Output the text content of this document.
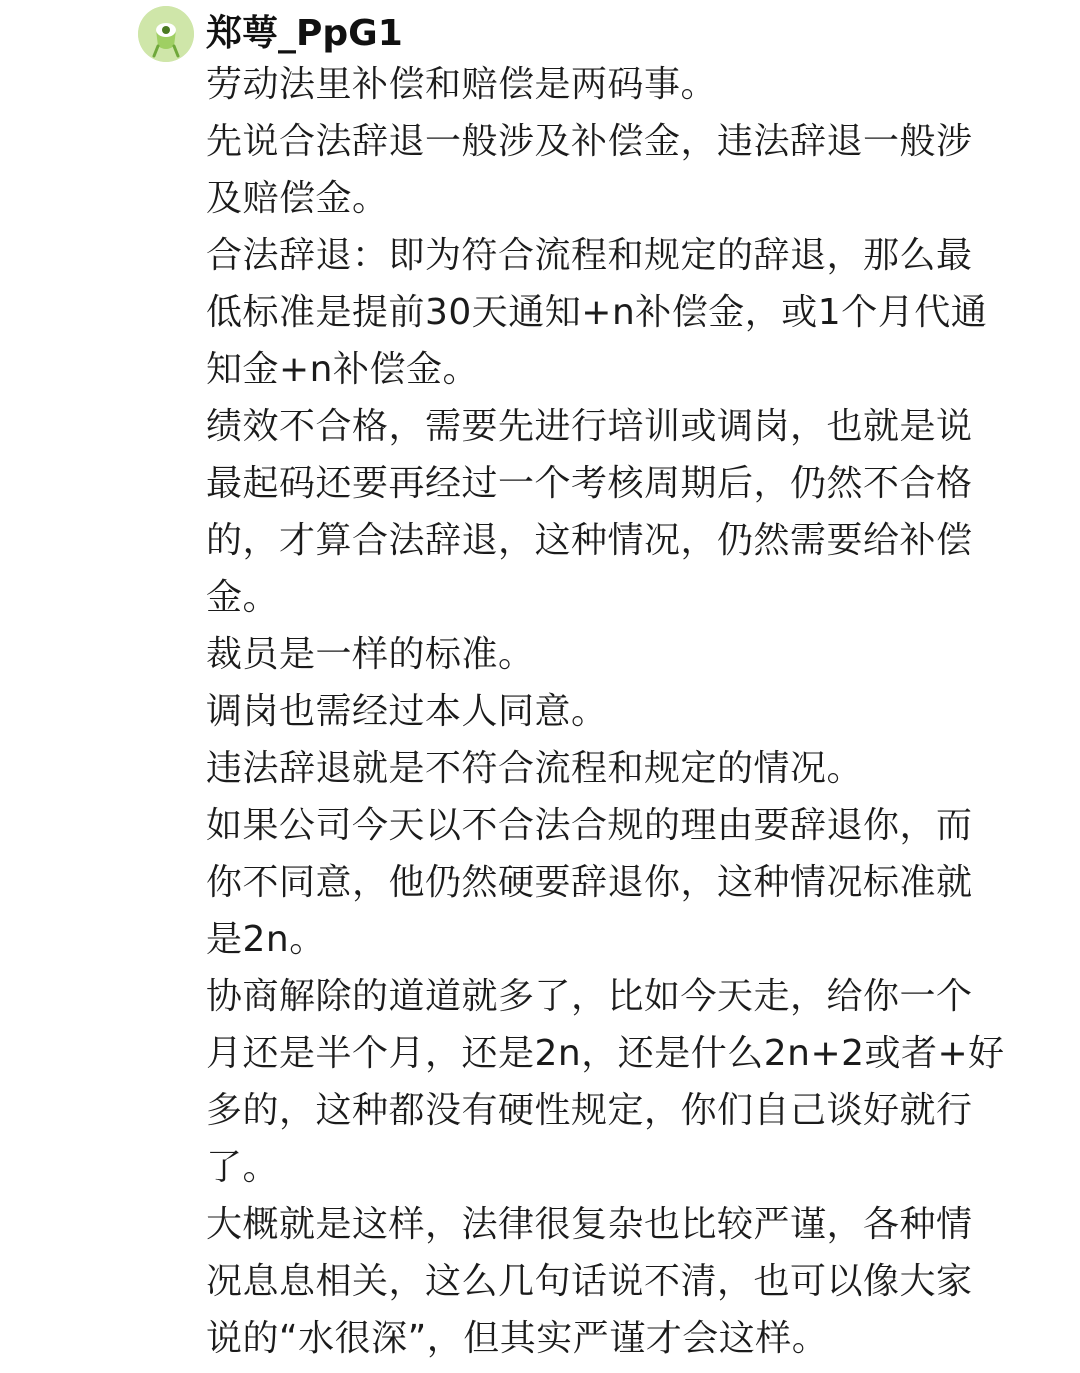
郑萼_PpG1
劳动法里补偿和赔偿是两码事。
先说合法辞退一般涉及补偿金，违法辞退一般涉
及赔偿金。
合法辞退：即为符合流程和规定的辞退，那么最
低标准是提前30天通知+n补偿金，或1个月代通
知金+n补偿金。
绩效不合格，需要先进行培训或调岗，也就是说
最起码还要再经过一个考核周期后，仍然不合格
的，才算合法辞退，这种情况，仍然需要给补偿
金。
裁员是一样的标准。
调岗也需经过本人同意。
违法辞退就是不符合流程和规定的情况。
如果公司今天以不合法合规的理由要辞退你，而
你不同意，他仍然硬要辞退你，这种情况标准就
是2n。
协商解除的道道就多了，比如今天走，给你一个
月还是半个月，还是2n，还是什么2n+2或者+好
多的，这种都没有硬性规定，你们自己谈好就行
了。
大概就是这样，法律很复杂也比较严谨，各种情
况息息相关，这么几句话说不清，也可以像大家
说的“水很深”，但其实严谨才会这样。
